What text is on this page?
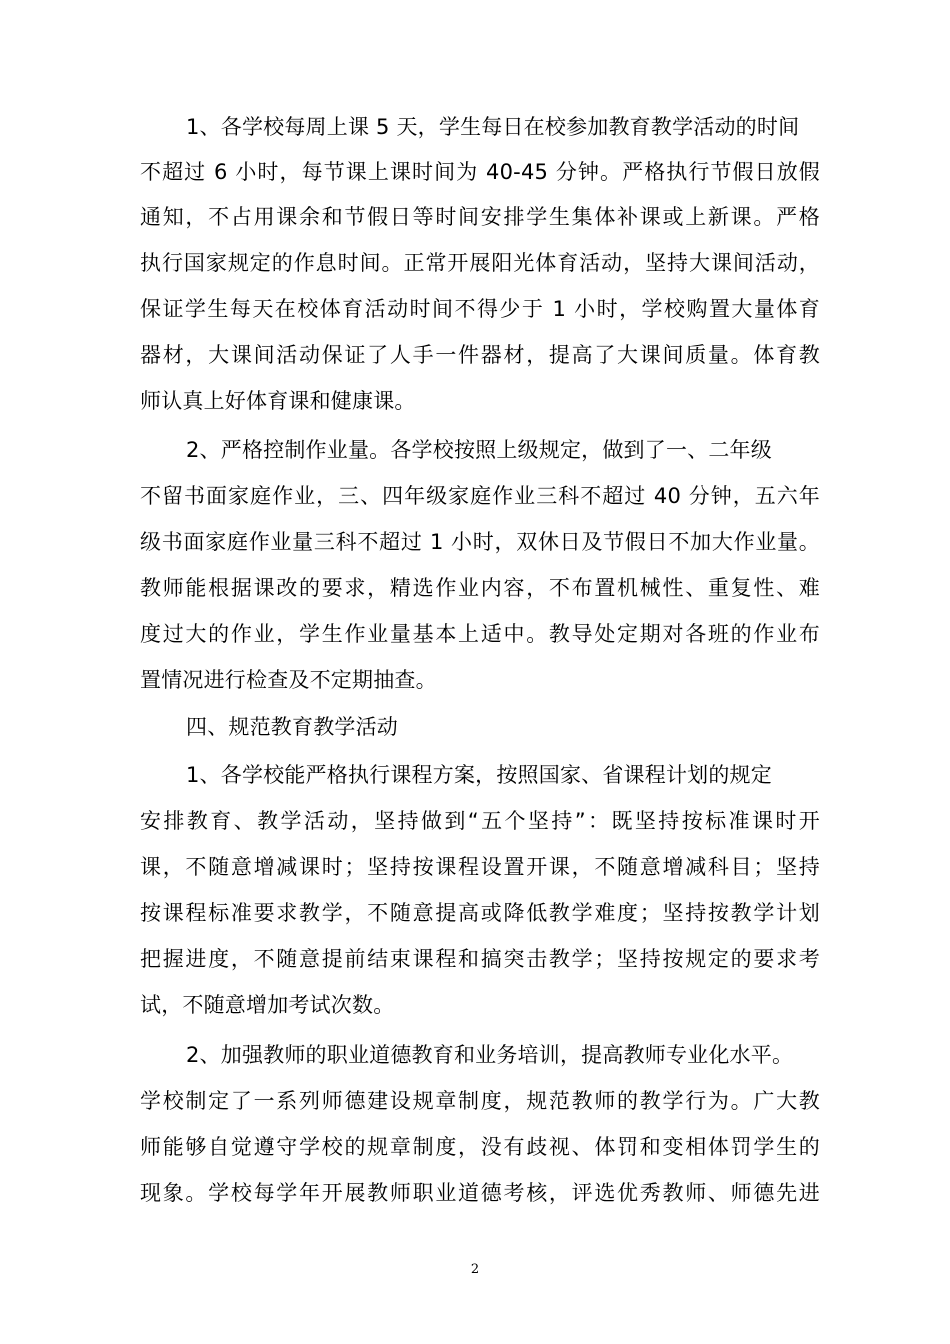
1、各学校每周上课 5 天，学生每日在校参加教育教学活动的时间
不超过 6 小时，每节课上课时间为 40-45 分钟。严格执行节假日放假
通知，不占用课余和节假日等时间安排学生集体补课或上新课。严格
执行国家规定的作息时间。正常开展阳光体育活动，坚持大课间活动，
保证学生每天在校体育活动时间不得少于 1 小时，学校购置大量体育
器材，大课间活动保证了人手一件器材，提高了大课间质量。体育教
师认真上好体育课和健康课。
2、严格控制作业量。各学校按照上级规定，做到了一、二年级
不留书面家庭作业，三、四年级家庭作业三科不超过 40 分钟，五六年
级书面家庭作业量三科不超过 1 小时，双休日及节假日不加大作业量。
教师能根据课改的要求，精选作业内容，不布置机械性、重复性、难
度过大的作业，学生作业量基本上适中。教导处定期对各班的作业布
置情况进行检查及不定期抽查。
四、规范教育教学活动
1、各学校能严格执行课程方案，按照国家、省课程计划的规定
安排教育、教学活动，坚持做到“五个坚持”：既坚持按标准课时开
课，不随意增减课时；坚持按课程设置开课，不随意增减科目；坚持
按课程标准要求教学，不随意提高或降低教学难度；坚持按教学计划
把握进度，不随意提前结束课程和搞突击教学；坚持按规定的要求考
试，不随意增加考试次数。
2、加强教师的职业道德教育和业务培训，提高教师专业化水平。
学校制定了一系列师德建设规章制度，规范教师的教学行为。广大教
师能够自觉遵守学校的规章制度，没有歧视、体罚和变相体罚学生的
现象。学校每学年开展教师职业道德考核，评选优秀教师、师德先进
2
